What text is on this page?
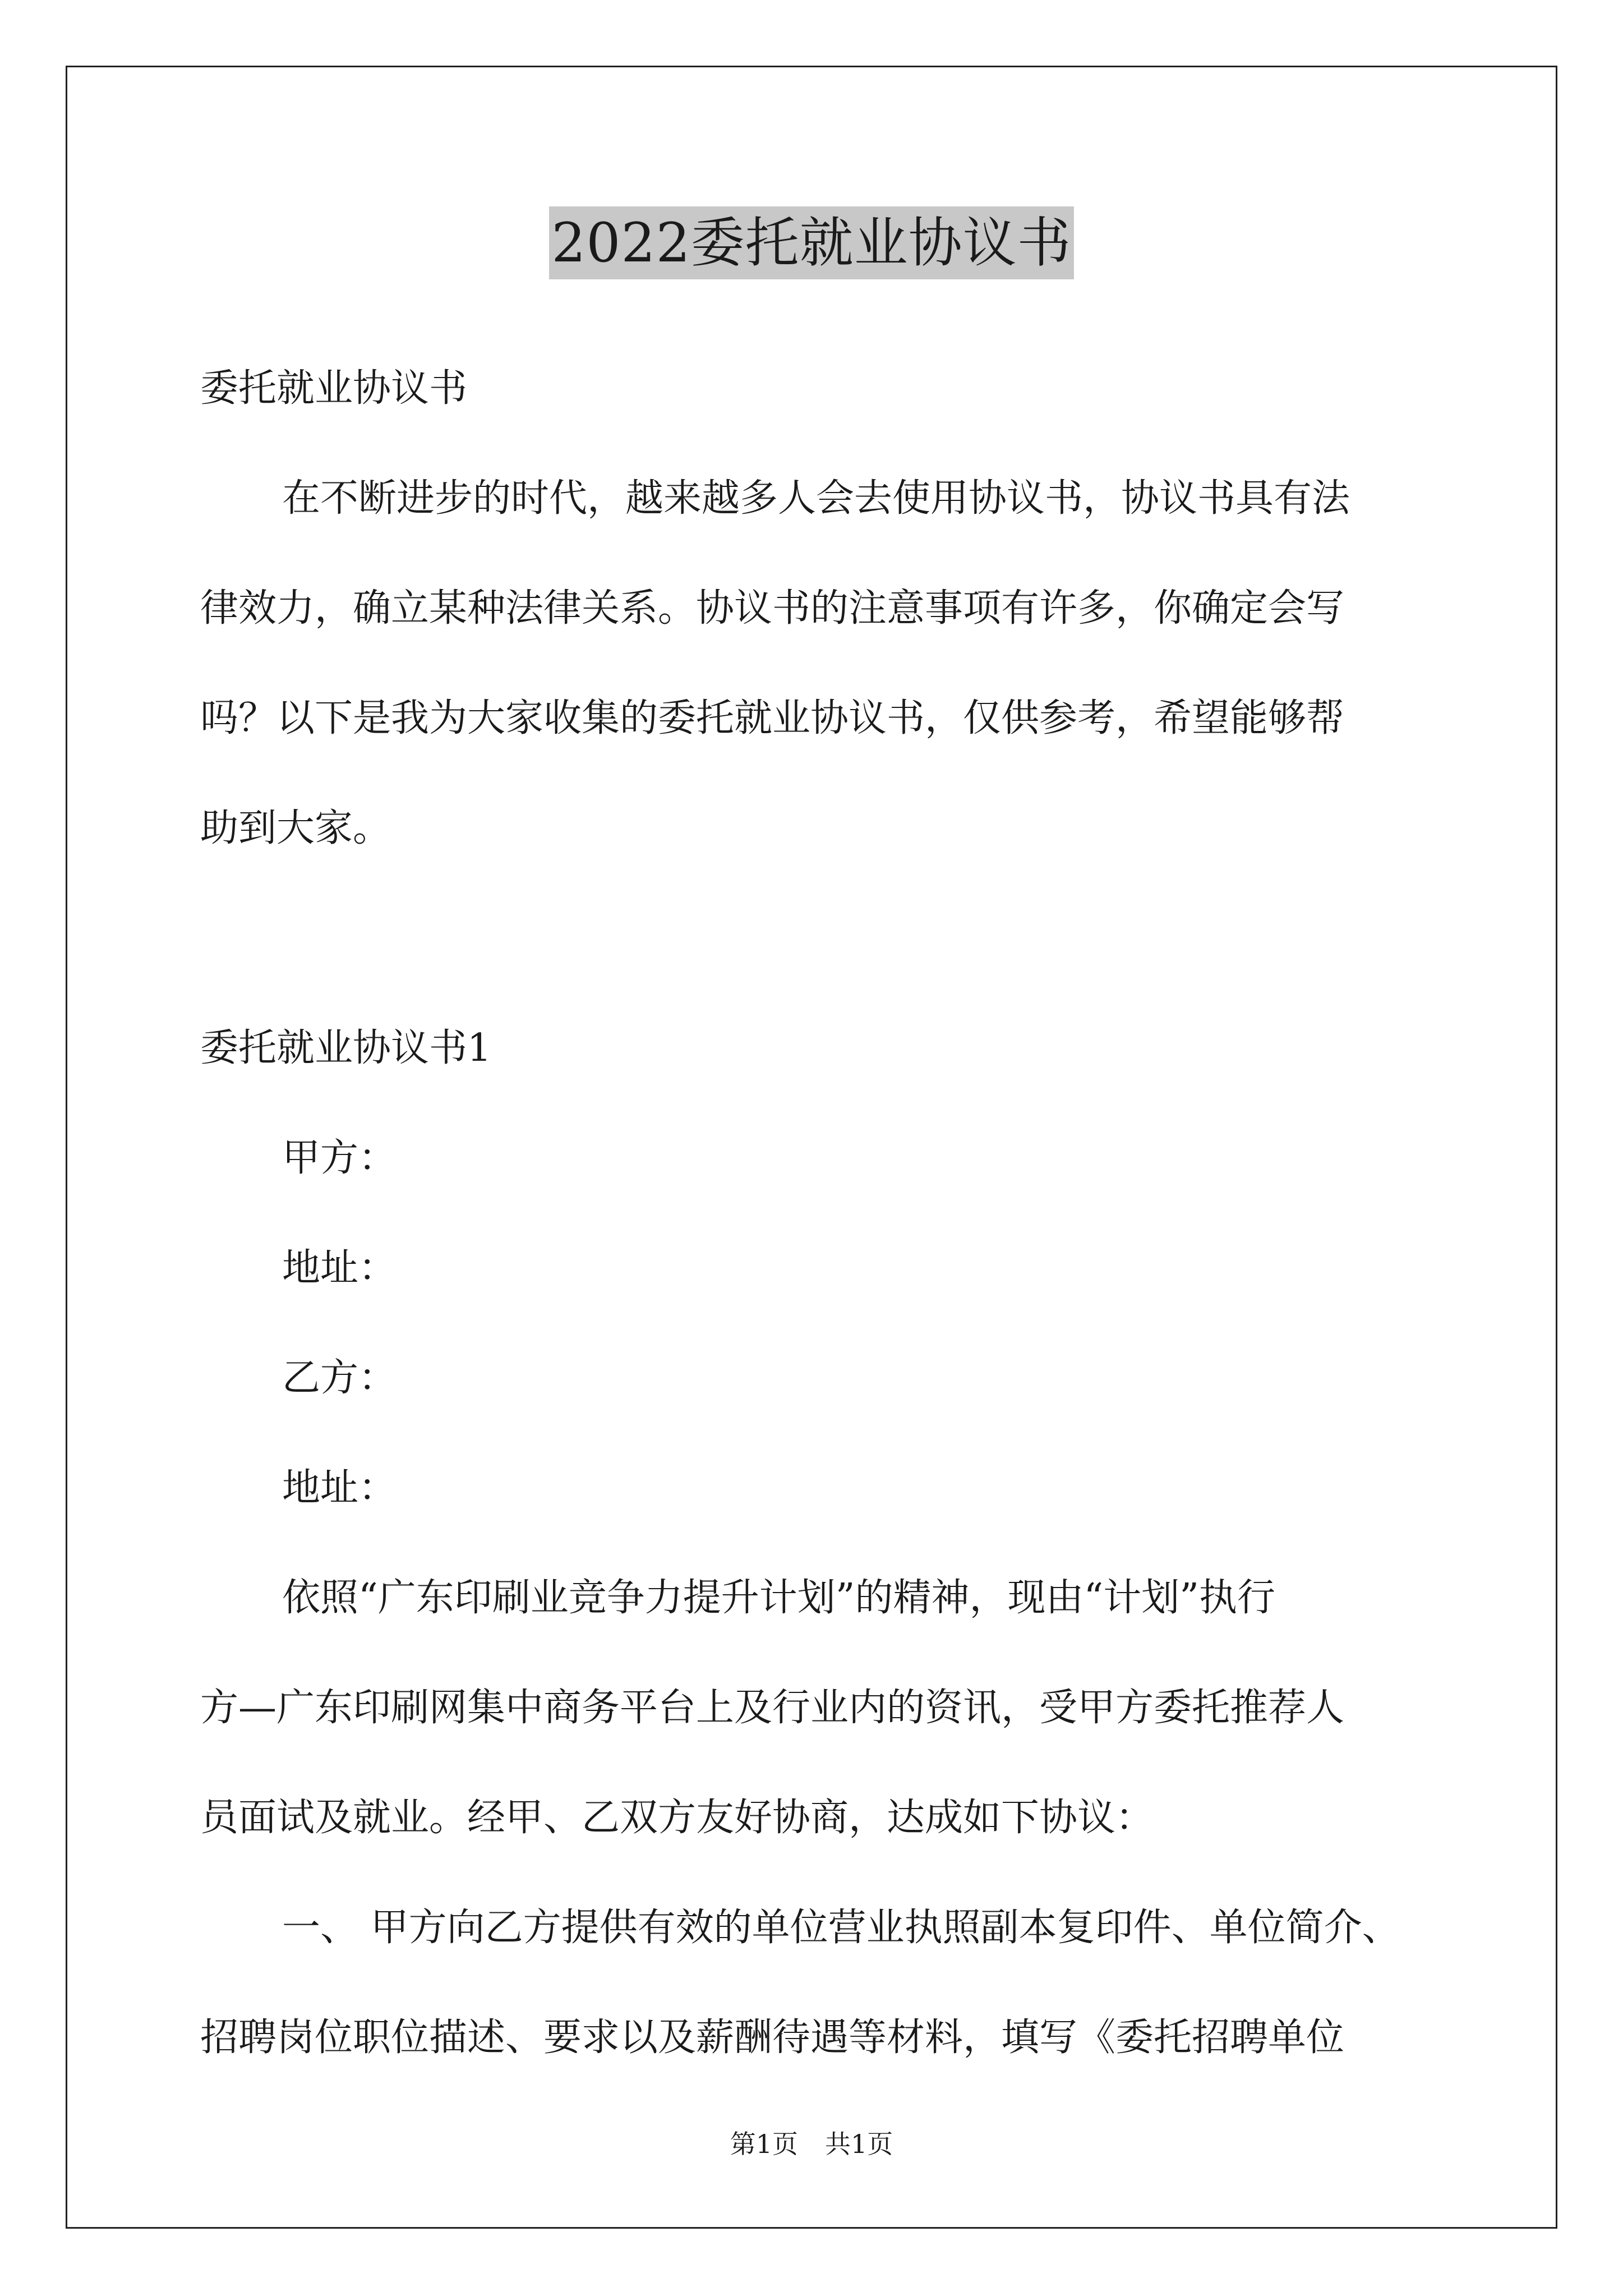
2022委托就业协议书

委托就业协议书

在不断进步的时代，越来越多人会去使用协议书，协议书具有法

律效力，确立某种法律关系。协议书的注意事项有许多，你确定会写

吗？以下是我为大家收集的委托就业协议书，仅供参考，希望能够帮

助到大家。

委托就业协议书1

甲方：

地址：

乙方：

地址：

依照“广东印刷业竞争力提升计划”的精神，现由“计划”执行

方—广东印刷网集中商务平台上及行业内的资讯，受甲方委托推荐人

员面试及就业。经甲、乙双方友好协商，达成如下协议：

一、 甲方向乙方提供有效的单位营业执照副本复印件、单位简介、

招聘岗位职位描述、要求以及薪酬待遇等材料，填写《委托招聘单位

第1页 共1页
